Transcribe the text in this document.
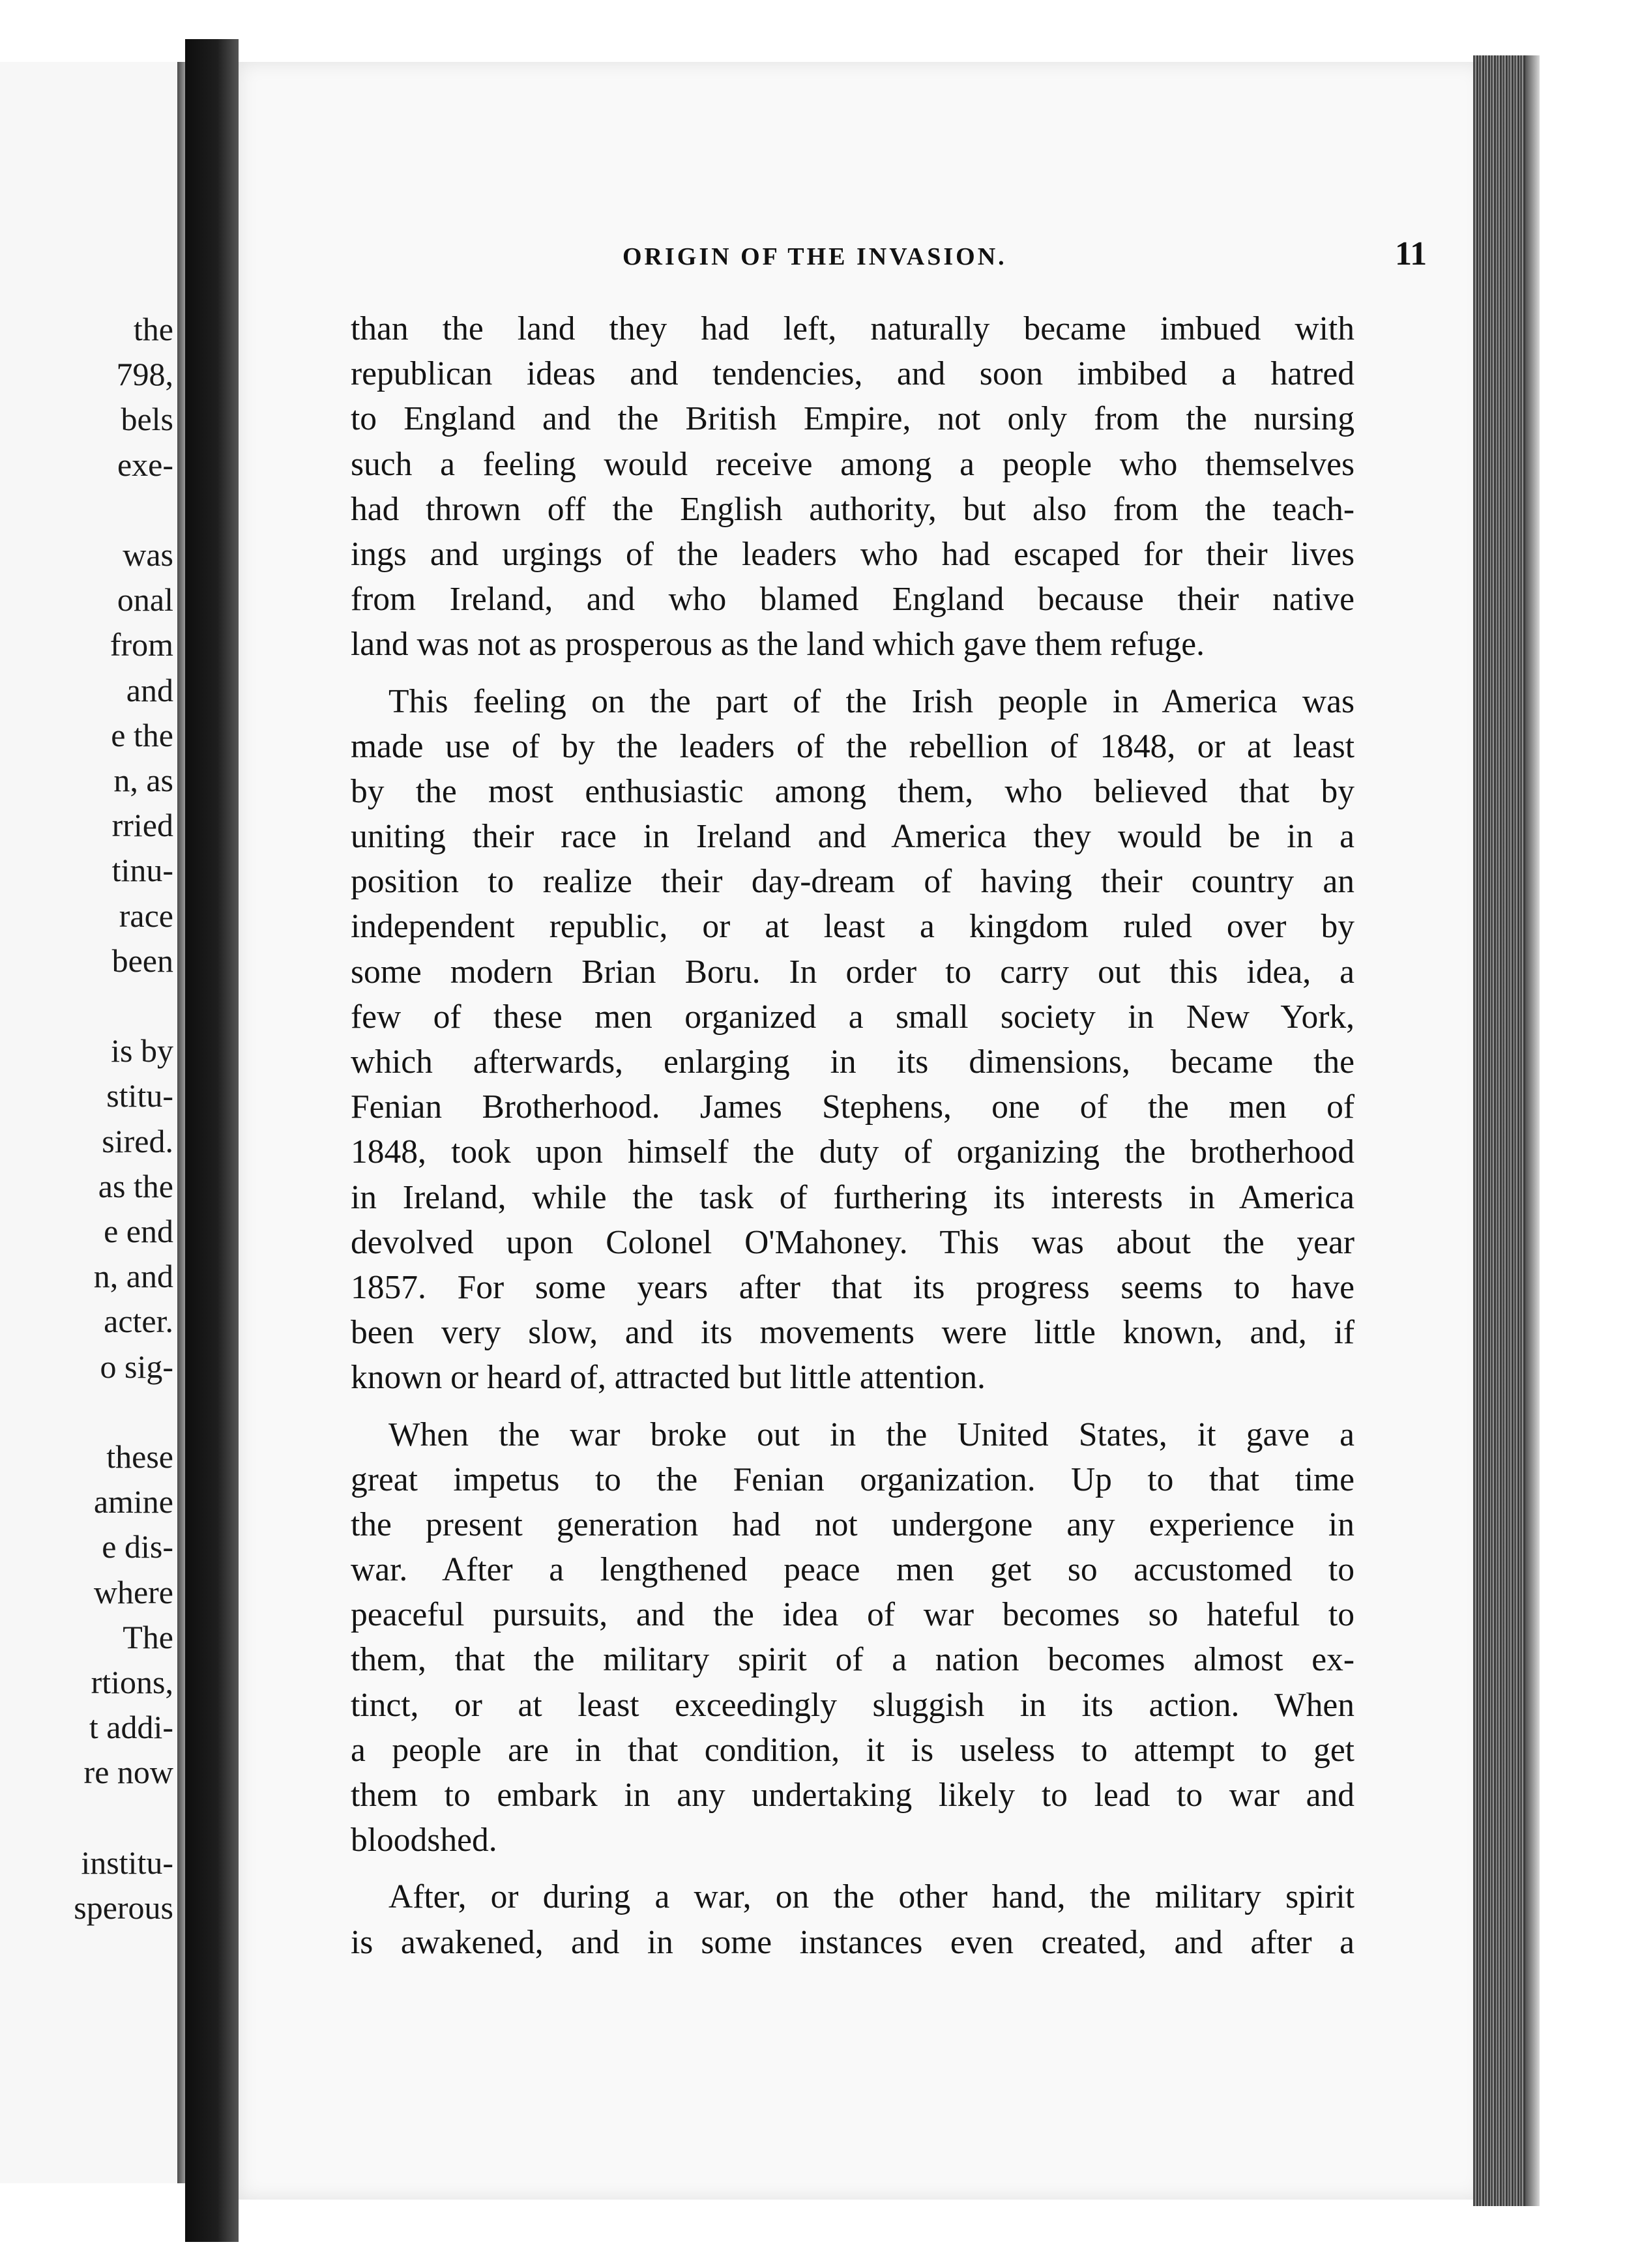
the
798,
bels
exe-
was
onal
from
and
e the
n, as
rried
tinu-
race
been
is by
stitu-
sired.
as the
e end
n, and
acter.
o sig-
these
amine
e dis-
where
The
rtions,
t addi-
re now
institu-
sperous
ORIGIN OF THE INVASION.	11
than the land they had left, naturally became imbued with
republican ideas and tendencies, and soon imbibed a hatred
to England and the British Empire, not only from the nursing
such a feeling would receive among a people who themselves
had thrown off the English authority, but also from the teach-
ings and urgings of the leaders who had escaped for their lives
from Ireland, and who blamed England because their native
land was not as prosperous as the land which gave them refuge.
This feeling on the part of the Irish people in America was
made use of by the leaders of the rebellion of 1848, or at least
by the most enthusiastic among them, who believed that by
uniting their race in Ireland and America they would be in a
position to realize their day-dream of having their country an
independent republic, or at least a kingdom ruled over by
some modern Brian Boru. In order to carry out this idea, a
few of these men organized a small society in New York,
which afterwards, enlarging in its dimensions, became the
Fenian Brotherhood. James Stephens, one of the men of
1848, took upon himself the duty of organizing the brotherhood
in Ireland, while the task of furthering its interests in America
devolved upon Colonel O'Mahoney. This was about the year
1857. For some years after that its progress seems to have
been very slow, and its movements were little known, and, if
known or heard of, attracted but little attention.
When the war broke out in the United States, it gave a
great impetus to the Fenian organization. Up to that time
the present generation had not undergone any experience in
war. After a lengthened peace men get so accustomed to
peaceful pursuits, and the idea of war becomes so hateful to
them, that the military spirit of a nation becomes almost ex-
tinct, or at least exceedingly sluggish in its action. When
a people are in that condition, it is useless to attempt to get
them to embark in any undertaking likely to lead to war and
bloodshed.
After, or during a war, on the other hand, the military spirit
is awakened, and in some instances even created, and after a
